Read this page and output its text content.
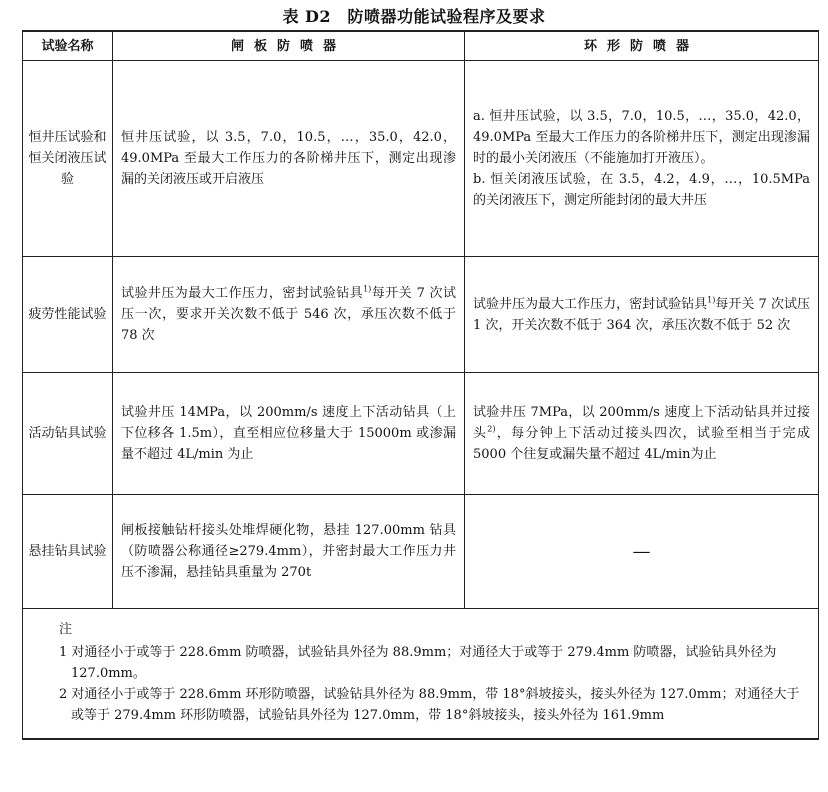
表 D2　防喷器功能试验程序及要求
试验名称	闸板防喷器	环形防喷器
恒井压试验和恒关闭液压试验	恒井压试验，以 3.5，7.0，10.5，…，35.0，42.0，49.0MPa 至最大工作压力的各阶梯井压下，测定出现渗漏的关闭液压或开启液压	a. 恒井压试验，以 3.5，7.0，10.5，…，35.0，42.0，49.0MPa 至最大工作压力的各阶梯井压下，测定出现渗漏时的最小关闭液压（不能施加打开液压）。
b. 恒关闭液压试验，在 3.5，4.2，4.9，…，10.5MPa 的关闭液压下，测定所能封闭的最大井压

疲劳性能试验	试验井压为最大工作压力，密封试验钻具$^{1)}$每开关 7 次试压一次，要求开关次数不低于 546 次，承压次数不低于 78 次	试验井压为最大工作压力，密封试验钻具$^{1)}$每开关 7 次试压 1 次，开关次数不低于 364 次，承压次数不低于 52 次
活动钻具试验	试验井压 14MPa，以 200mm/s 速度上下活动钻具（上下位移各 1.5m），直至相应位移量大于 15000m 或渗漏量不超过 4L/min 为止	试验井压 7MPa，以 200mm/s 速度上下活动钻具并过接头$^{2)}$，每分钟上下活动过接头四次，试验至相当于完成 5000 个往复或漏失量不超过 4L/min为止
悬挂钻具试验	闸板接触钻杆接头处堆焊硬化物，悬挂 127.00mm 钻具（防喷器公称通径≥279.4mm），并密封最大工作压力井压不渗漏，悬挂钻具重量为 270t	—

注
1 对通径小于或等于 228.6mm 防喷器，试验钻具外径为 88.9mm；对通径大于或等于 279.4mm 防喷器，试验钻具外径为 127.0mm。
2 对通径小于或等于 228.6mm 环形防喷器，试验钻具外径为 88.9mm，带 18°斜坡接头，接头外径为 127.0mm；对通径大于或等于 279.4mm 环形防喷器，试验钻具外径为 127.0mm，带 18°斜坡接头，接头外径为 161.9mm		
